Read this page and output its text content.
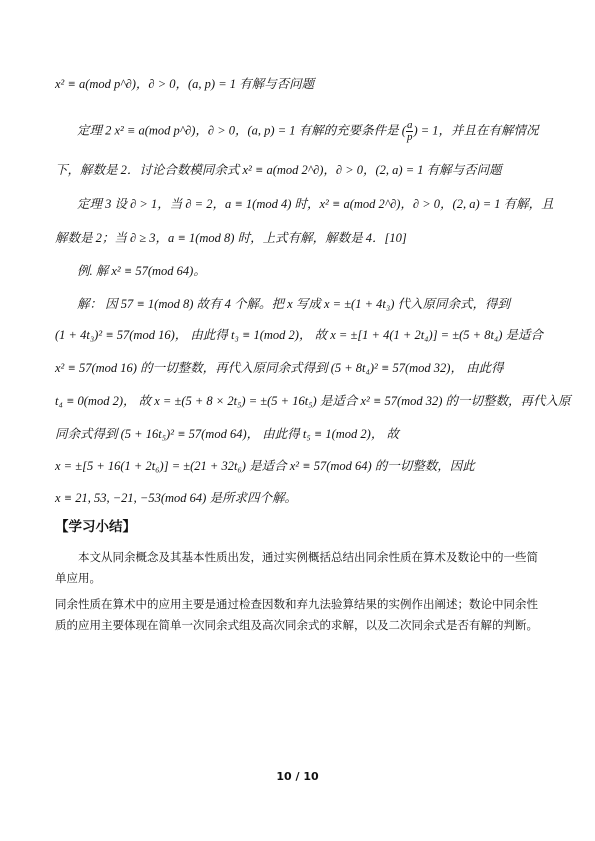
x² ≡ a(mod p^∂)，∂ > 0，(a, p) = 1 有解与否问题
定理 2 x² ≡ a(mod p^∂)，∂ > 0，(a, p) = 1 有解的充要条件是 ( $\frac{a}{p}$ ) = 1，并且在有解情况
下，解数是 2．讨论合数模同余式 x² ≡ a(mod 2^∂)，∂ > 0，(2, a) = 1 有解与否问题
定理 3 设 ∂ > 1，当 ∂ = 2，a ≡ 1(mod 4) 时，x² ≡ a(mod 2^∂)，∂ > 0，(2, a) = 1 有解，且
解数是 2；当 ∂ ≥ 3，a ≡ 1(mod 8) 时，上式有解，解数是 4．[10]
例. 解 x² ≡ 57(mod 64)。
解： 因 57 ≡ 1(mod 8) 故有 4 个解。把 x 写成 x = ±(1 + 4t₃) 代入原同余式，得到
(1 + 4t₃)² ≡ 57(mod 16)， 由此得 t₃ ≡ 1(mod 2)， 故 x = ±[1 + 4(1 + 2t₄)] = ±(5 + 8t₄) 是适合
x² ≡ 57(mod 16) 的一切整数，再代入原同余式得到 (5 + 8t₄)² ≡ 57(mod 32)， 由此得
t₄ ≡ 0(mod 2)， 故 x = ±(5 + 8 × 2t₅) = ±(5 + 16t₅) 是适合 x² ≡ 57(mod 32) 的一切整数，再代入原
同余式得到 (5 + 16t₅)² ≡ 57(mod 64)， 由此得 t₅ ≡ 1(mod 2)， 故
x = ±[5 + 16(1 + 2t₆)] = ±(21 + 32t₆) 是适合 x² ≡ 57(mod 64) 的一切整数，因此
x ≡ 21, 53, −21, −53(mod 64) 是所求四个解。
【学习小结】
本文从同余概念及其基本性质出发，通过实例概括总结出同余性质在算术及数论中的一些简单应用。
同余性质在算术中的应用主要是通过检查因数和弃九法验算结果的实例作出阐述；数论中同余性质的应用主要体现在简单一次同余式组及高次同余式的求解，以及二次同余式是否有解的判断。
10 / 10
